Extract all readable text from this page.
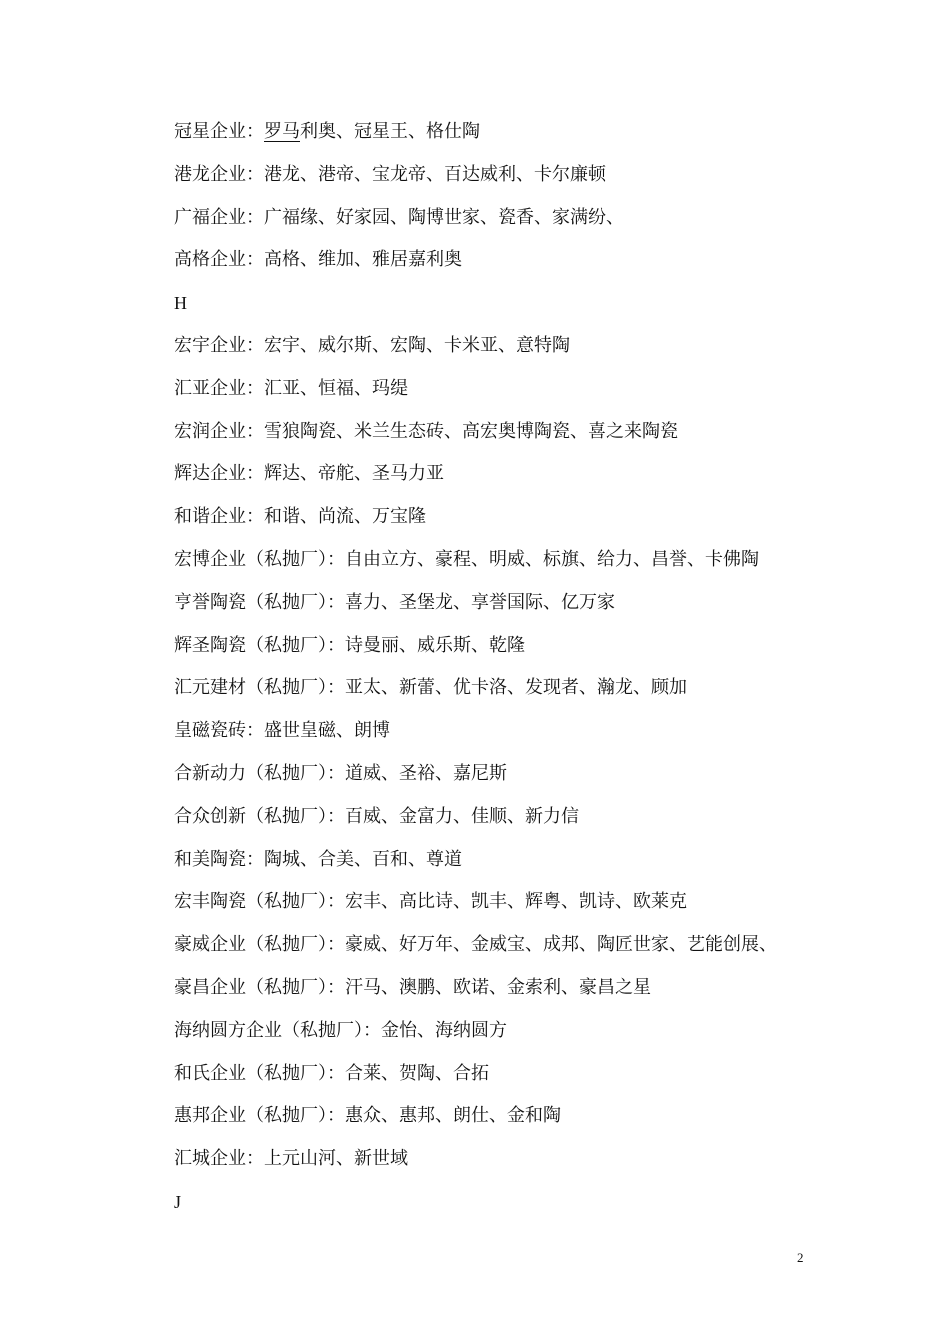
冠星企业：罗马利奥、冠星王、格仕陶
港龙企业：港龙、港帝、宝龙帝、百达威利、卡尔廉顿
广福企业：广福缘、好家园、陶博世家、瓷香、家满纷、
高格企业：高格、维加、雅居嘉利奥
H
宏宇企业：宏宇、威尔斯、宏陶、卡米亚、意特陶
汇亚企业：汇亚、恒福、玛缇
宏润企业：雪狼陶瓷、米兰生态砖、高宏奥博陶瓷、喜之来陶瓷
辉达企业：辉达、帝舵、圣马力亚
和谐企业：和谐、尚流、万宝隆
宏博企业（私抛厂）：自由立方、豪程、明威、标旗、给力、昌誉、卡佛陶
亨誉陶瓷（私抛厂）：喜力、圣堡龙、享誉国际、亿万家
辉圣陶瓷（私抛厂）：诗曼丽、威乐斯、乾隆
汇元建材（私抛厂）：亚太、新蕾、优卡洛、发现者、瀚龙、顾加
皇磁瓷砖：盛世皇磁、朗博
合新动力（私抛厂）：道威、圣裕、嘉尼斯
合众创新（私抛厂）：百威、金富力、佳顺、新力信
和美陶瓷：陶城、合美、百和、尊道
宏丰陶瓷（私抛厂）：宏丰、高比诗、凯丰、辉粤、凯诗、欧莱克
豪威企业（私抛厂）：豪威、好万年、金威宝、成邦、陶匠世家、艺能创展、
豪昌企业（私抛厂）：汗马、澳鹏、欧诺、金索利、豪昌之星
海纳圆方企业（私抛厂）：金怡、海纳圆方
和氏企业（私抛厂）：合莱、贺陶、合拓
惠邦企业（私抛厂）：惠众、惠邦、朗仕、金和陶
汇城企业：上元山河、新世域
J
2
